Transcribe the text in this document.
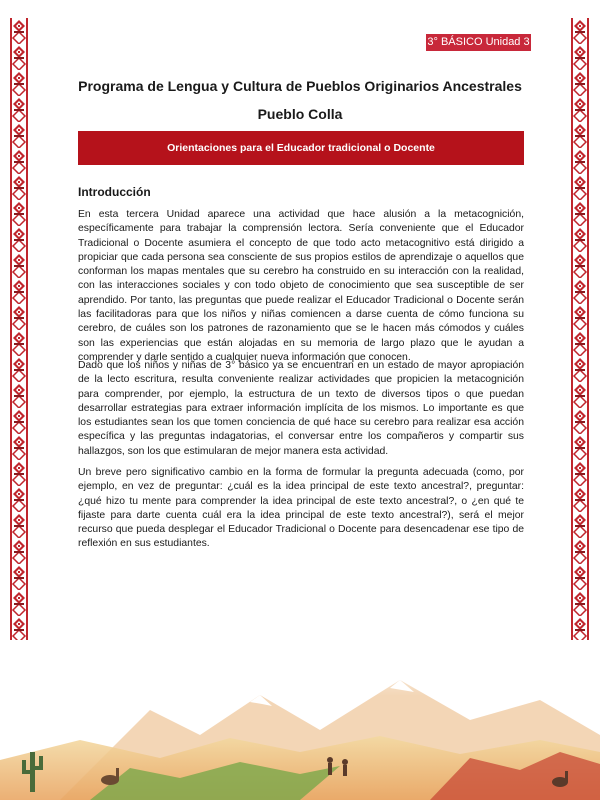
3° BÁSICO Unidad 3
Programa de Lengua y Cultura de Pueblos Originarios Ancestrales
Pueblo Colla
Orientaciones para el Educador tradicional o Docente
Introducción

En esta tercera Unidad aparece una actividad que hace alusión a la metacognición, específicamente para trabajar la comprensión lectora. Sería conveniente que el Educador Tradicional o Docente asumiera el concepto de que todo acto metacognitivo está dirigido a propiciar que cada persona sea consciente de sus propios estilos de aprendizaje o aquellos que conforman los mapas mentales que su cerebro ha construido en su interacción con la realidad, con las interacciones sociales y con todo objeto de conocimiento que sea susceptible de ser aprendido. Por tanto, las preguntas que puede realizar el Educador Tradicional o Docente serán las facilitadoras para que los niños y niñas comiencen a darse cuenta de cómo funciona su cerebro, de cuáles son los patrones de razonamiento que se le hacen más cómodos y cuáles son las experiencias que están alojadas en su memoria de largo plazo que le ayudan a comprender y darle sentido a cualquier nueva información que conocen.

Dado que los niños y niñas de 3° básico ya se encuentran en un estado de mayor apropiación de la lecto escritura, resulta conveniente realizar actividades que propicien la metacognición para comprender, por ejemplo, la estructura de un texto de diversos tipos o que puedan desarrollar estrategias para extraer información implícita de los mismos. Lo importante es que los estudiantes sean los que tomen conciencia de qué hace su cerebro para realizar esa acción específica y las preguntas indagatorias, el conversar entre los compañeros y compartir sus hallazgos, son los que estimularan de mejor manera esta actividad.

Un breve pero significativo cambio en la forma de formular la pregunta adecuada (como, por ejemplo, en vez de preguntar: ¿cuál es la idea principal de este texto ancestral?, preguntar: ¿qué hizo tu mente para comprender la idea principal de este texto ancestral?, o ¿en qué te fijaste para darte cuenta cuál era la idea principal de este texto ancestral?), será el mejor recurso que pueda desplegar el Educador Tradicional o Docente para desencadenar ese tipo de reflexión en sus estudiantes.
